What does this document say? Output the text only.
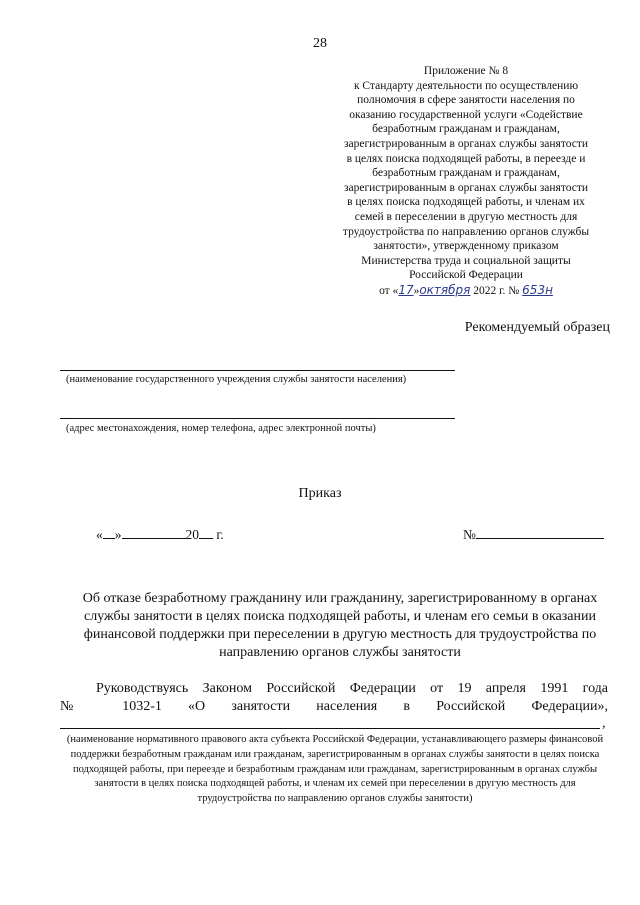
28
Приложение № 8
к Стандарту деятельности по осуществлению
полномочия в сфере занятости населения по
оказанию государственной услуги «Содействие
безработным гражданам и гражданам,
зарегистрированным в органах службы занятости
в целях поиска подходящей работы, в переезде и
безработным гражданам и гражданам,
зарегистрированным в органах службы занятости
в целях поиска подходящей работы, и членам их
семей в переселении в другую местность для
трудоустройства по направлению органов службы
занятости», утвержденному приказом
Министерства труда и социальной защиты
Российской Федерации
от «17»октября 2022 г. № 653н
Рекомендуемый образец
(наименование государственного учреждения службы занятости населения)
(адрес местонахождения, номер телефона, адрес электронной почты)
Приказ
« »	20 г.	№
Об отказе безработному гражданину или гражданину, зарегистрированному в органах службы занятости в целях поиска подходящей работы, и членам его семьи в оказании финансовой поддержки при переселении в другую местность для трудоустройства по направлению органов службы занятости
Руководствуясь Законом Российской Федерации от 19 апреля 1991 года
№ 1032-1 «О занятости населения в Российской Федерации»,
,
(наименование нормативного правового акта субъекта Российской Федерации, устанавливающего размеры финансовой поддержки безработным гражданам или гражданам, зарегистрированным в органах службы занятости в целях поиска подходящей работы, при переезде и безработным гражданам или гражданам, зарегистрированным в органах службы занятости в целях поиска подходящей работы, и членам их семей при переселении в другую местность для трудоустройства по направлению органов службы занятости)
